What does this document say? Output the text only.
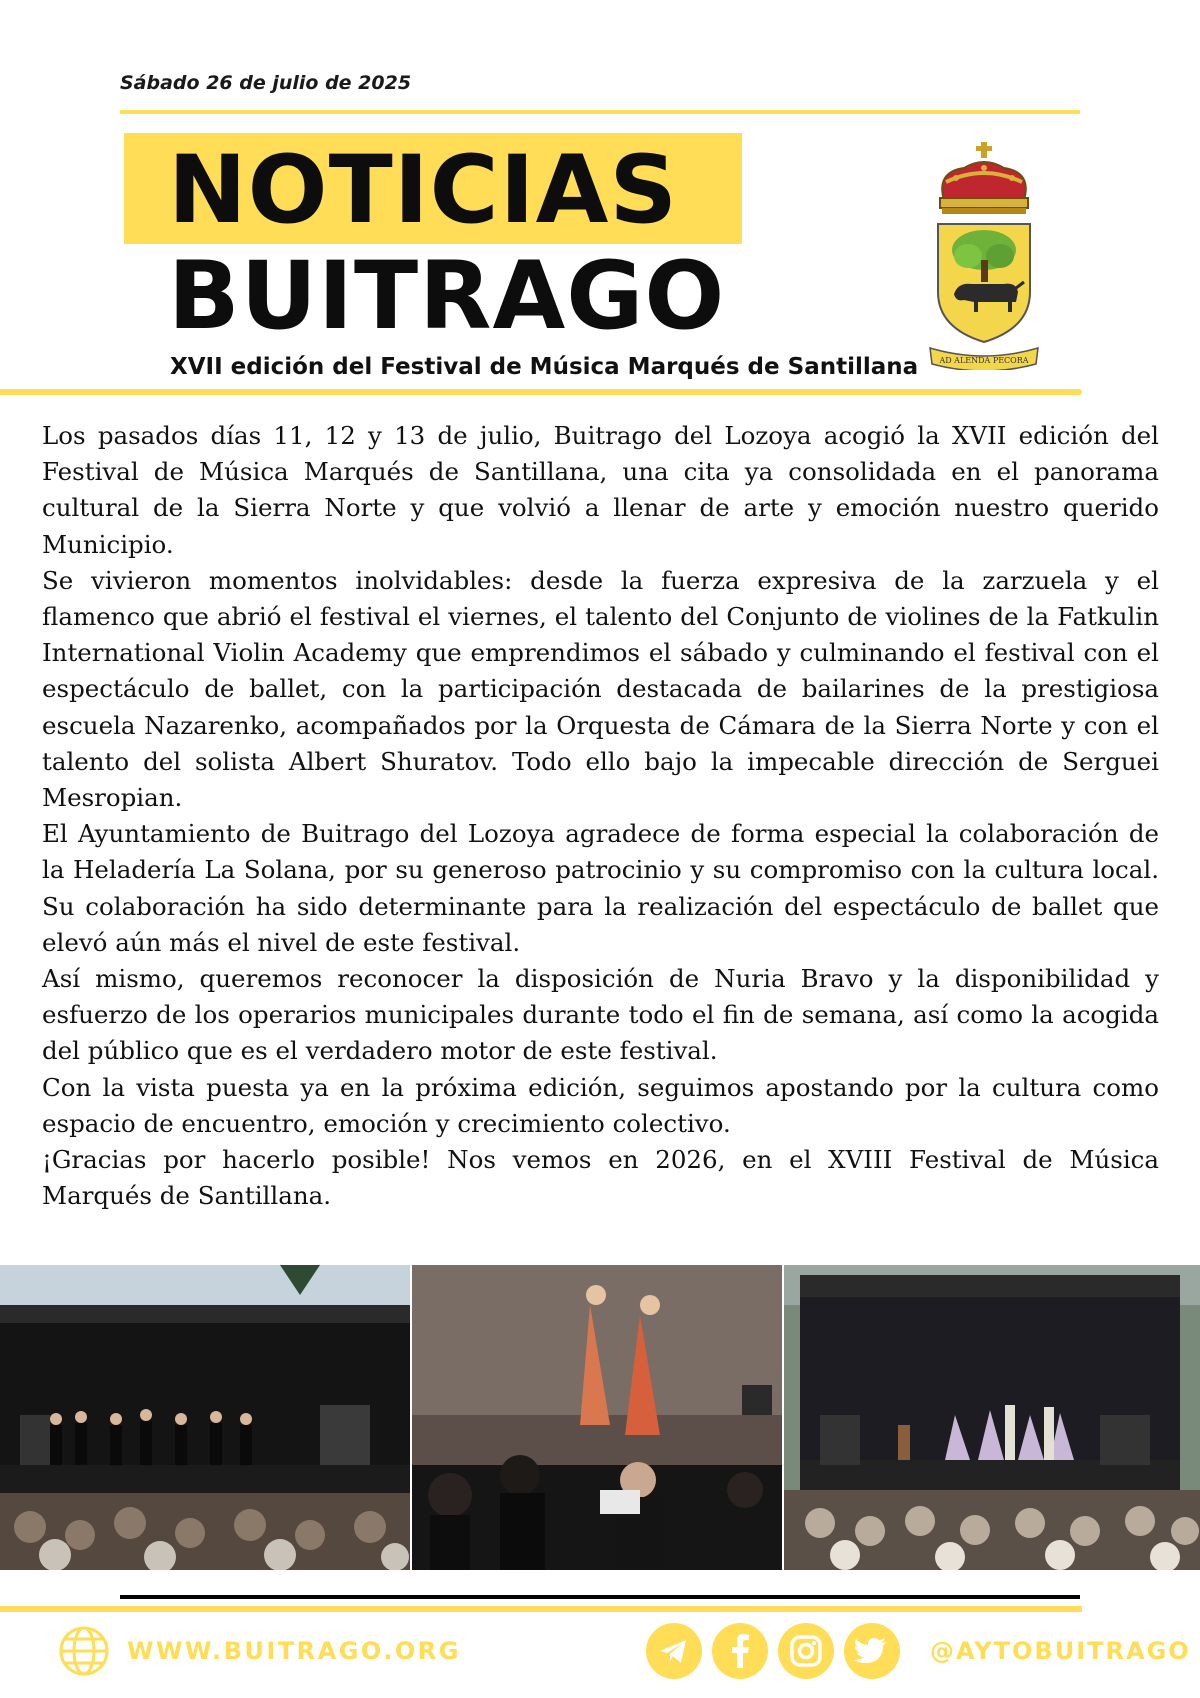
Sábado 26 de julio de 2025
NOTICIAS
BUITRAGO
XVII edición del Festival de Música Marqués de Santillana	AD ALENDA PECORA

Los pasados días 11, 12 y 13 de julio, Buitrago del Lozoya acogió la XVII edición del Festival de Música Marqués de Santillana, una cita ya consolidada en el panorama cultural de la Sierra Norte y que volvió a llenar de arte y emoción nuestro querido Municipio.

Se vivieron momentos inolvidables: desde la fuerza expresiva de la zarzuela y el flamenco que abrió el festival el viernes, el talento del Conjunto de violines de la Fatkulin International Violin Academy que emprendimos el sábado y culminando el festival con el espectáculo de ballet, con la participación destacada de bailarines de la prestigiosa escuela Nazarenko, acompañados por la Orquesta de Cámara de la Sierra Norte y con el talento del solista Albert Shuratov. Todo ello bajo la impecable dirección de Serguei Mesropian.

El Ayuntamiento de Buitrago del Lozoya agradece de forma especial la colaboración de la Heladería La Solana, por su generoso patrocinio y su compromiso con la cultura local. Su colaboración ha sido determinante para la realización del espectáculo de ballet que elevó aún más el nivel de este festival.

Así mismo, queremos reconocer la disposición de Nuria Bravo y la disponibilidad y esfuerzo de los operarios municipales durante todo el fin de semana, así como la acogida del público que es el verdadero motor de este festival.

Con la vista puesta ya en la próxima edición, seguimos apostando por la cultura como espacio de encuentro, emoción y crecimiento colectivo.

¡Gracias por hacerlo posible! Nos vemos en 2026, en el XVIII Festival de Música Marqués de Santillana.

WWW.BUITRAGO.ORG	@AYTOBUITRAGO
